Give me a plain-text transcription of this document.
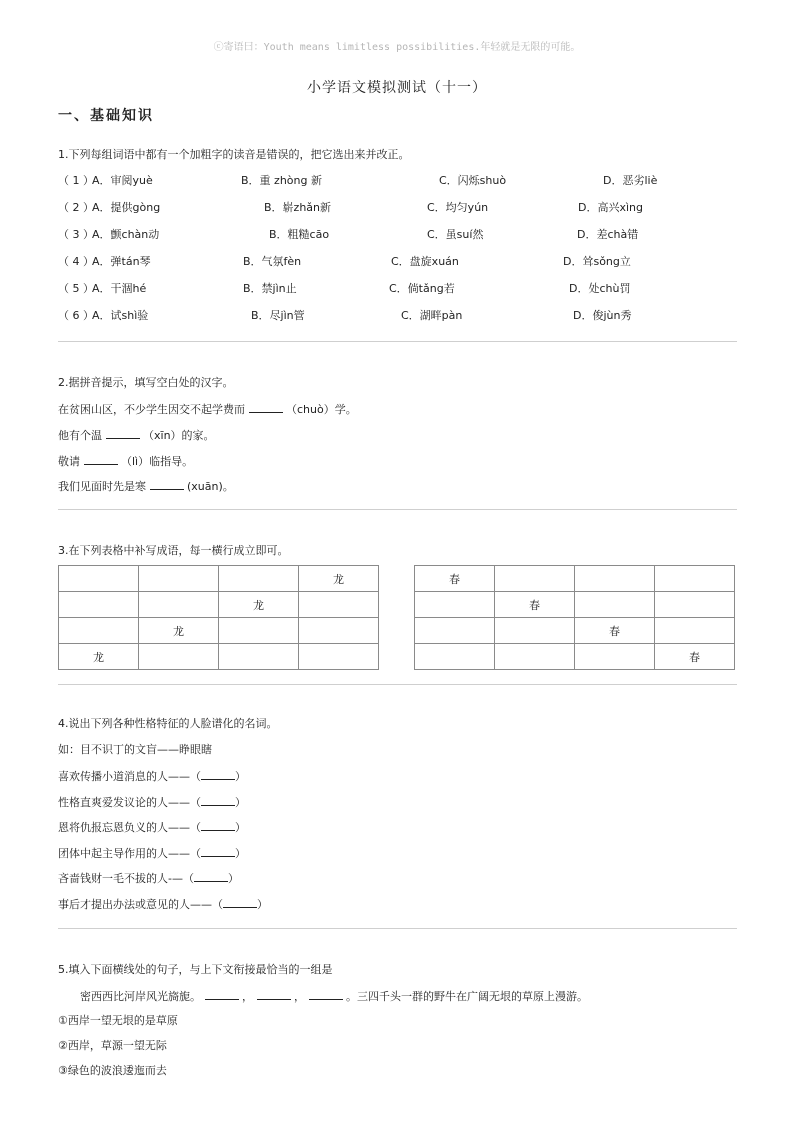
ⓒ寄语曰：Youth means limitless possibilities.年轻就是无限的可能。
小学语文模拟测试（十一）
一、基础知识
1.下列每组词语中都有一个加粗字的读音是错误的，把它选出来并改正。
（ 1 ）
A．审阅yuè	B．重 zhòng 新	C．闪烁shuò	D．恶劣liè
（ 2 ）
A．提供gòng	B．崭zhǎn新	C．均匀yún	D．高兴xìng
（ 3 ）
A．颤chàn动	B．粗糙cāo	C．虽suí然	D．差chà错
（ 4 ）
A．弹tán琴	B．气氛fèn	C．盘旋xuán	D．耸sǒng立
（ 5 ）
A．干涸hé	B．禁jìn止	C．倘tǎng若	D．处chù罚
（ 6 ）
A．试shì验	B．尽jìn管	C．湖畔pàn	D．俊jùn秀
2.据拼音提示，填写空白处的汉字。
在贫困山区，不少学生因交不起学费而	（chuò）学。
他有个温	（xīn）的家。
敬请	（lì）临指导。
我们见面时先是寒	(xuān)。
3.在下列表格中补写成语，每一横行成立即可。
			龙
		龙	
	龙		
龙			
春			
	春		
		春	
			春
4.说出下列各种性格特征的人脸谱化的名词。
如：目不识丁的文盲——睁眼瞎
喜欢传播小道消息的人——（	）
性格直爽爱发议论的人——（	）
恩将仇报忘恩负义的人——（	）
团体中起主导作用的人——（	）
吝啬钱财一毛不拔的人-—（	）
事后才提出办法或意见的人——（	）
5.填入下面横线处的句子，与上下文衔接最恰当的一组是
密西西比河岸风光旖旎。	，	，	。三四千头一群的野牛在广阔无垠的草原上漫游。
①西岸一望无垠的是草原
②西岸，草源一望无际
③绿色的波浪逶迤而去
